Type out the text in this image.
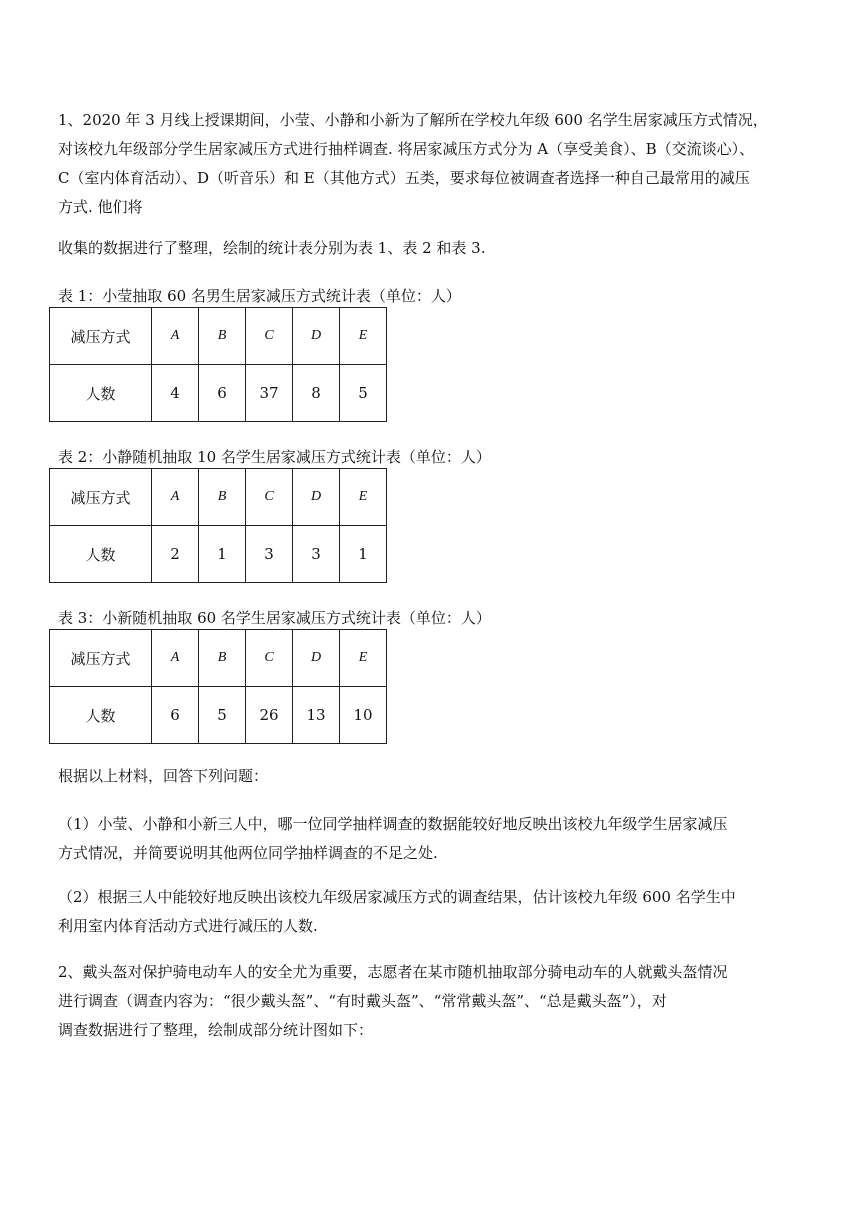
1、2020 年 3 月线上授课期间，小莹、小静和小新为了解所在学校九年级 600 名学生居家减压方式情况，
对该校九年级部分学生居家减压方式进行抽样调查. 将居家减压方式分为 A（享受美食）、B（交流谈心）、
C（室内体育活动）、D（听音乐）和 E（其他方式）五类，要求每位被调查者选择一种自己最常用的减压
方式. 他们将
收集的数据进行了整理，绘制的统计表分别为表 1、表 2 和表 3.
表 1：小莹抽取 60 名男生居家减压方式统计表（单位：人）
减压方式	A	B	C	D	E
人数	4	6	37	8	5
表 2：小静随机抽取 10 名学生居家减压方式统计表（单位：人）
减压方式	A	B	C	D	E
人数	2	1	3	3	1
表 3：小新随机抽取 60 名学生居家减压方式统计表（单位：人）
减压方式	A	B	C	D	E
人数	6	5	26	13	10
根据以上材料，回答下列问题：
（1）小莹、小静和小新三人中，哪一位同学抽样调查的数据能较好地反映出该校九年级学生居家减压
方式情况，并简要说明其他两位同学抽样调查的不足之处.
（2）根据三人中能较好地反映出该校九年级居家减压方式的调查结果，估计该校九年级 600 名学生中
利用室内体育活动方式进行减压的人数.
2、戴头盔对保护骑电动车人的安全尤为重要，志愿者在某市随机抽取部分骑电动车的人就戴头盔情况
进行调查（调查内容为：“很少戴头盔”、“有时戴头盔”、“常常戴头盔”、“总是戴头盔”），对
调查数据进行了整理，绘制成部分统计图如下：
